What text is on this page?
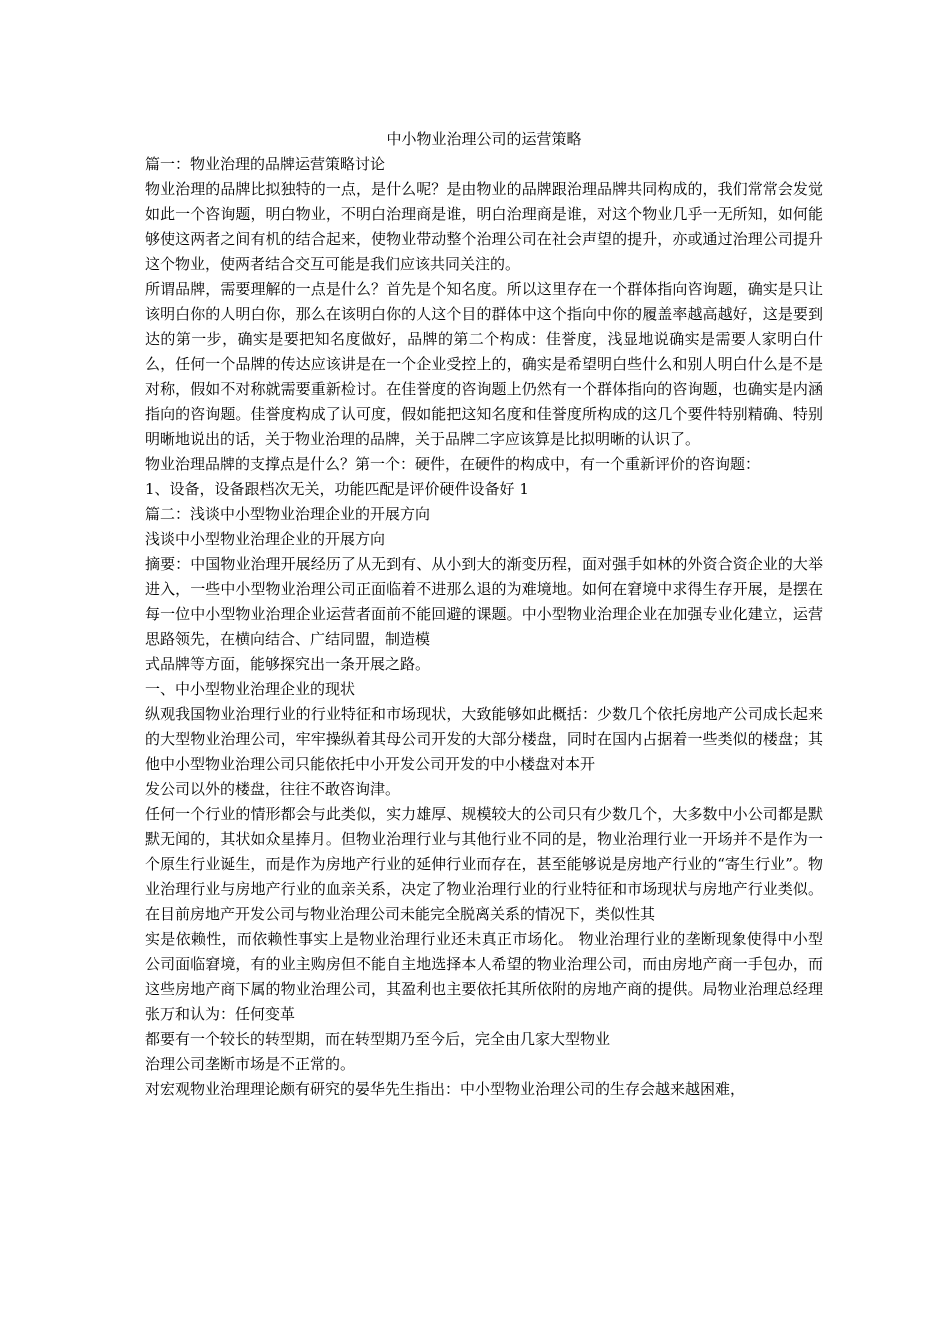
中小物业治理公司的运营策略

篇一：物业治理的品牌运营策略讨论

物业治理的品牌比拟独特的一点，是什么呢？是由物业的品牌跟治理品牌共同构成的，我们常常会发觉如此一个咨询题，明白物业，不明白治理商是谁，明白治理商是谁，对这个物业几乎一无所知，如何能够使这两者之间有机的结合起来，使物业带动整个治理公司在社会声望的提升，亦或通过治理公司提升这个物业，使两者结合交互可能是我们应该共同关注的。

所谓品牌，需要理解的一点是什么？首先是个知名度。所以这里存在一个群体指向咨询题，确实是只让该明白你的人明白你，那么在该明白你的人这个目的群体中这个指向中你的履盖率越高越好，这是要到达的第一步，确实是要把知名度做好，品牌的第二个构成：佳誉度，浅显地说确实是需要人家明白什么，任何一个品牌的传达应该讲是在一个企业受控上的，确实是希望明白些什么和别人明白什么是不是对称，假如不对称就需要重新检讨。在佳誉度的咨询题上仍然有一个群体指向的咨询题，也确实是内涵指向的咨询题。佳誉度构成了认可度，假如能把这知名度和佳誉度所构成的这几个要件特别精确、特别明晰地说出的话，关于物业治理的品牌，关于品牌二字应该算是比拟明晰的认识了。

物业治理品牌的支撑点是什么？第一个：硬件，在硬件的构成中，有一个重新评价的咨询题：

1、设备，设备跟档次无关，功能匹配是评价硬件设备好 1

篇二：浅谈中小型物业治理企业的开展方向

浅谈中小型物业治理企业的开展方向

摘要：中国物业治理开展经历了从无到有、从小到大的渐变历程，面对强手如林的外资合资企业的大举进入，一些中小型物业治理公司正面临着不进那么退的为难境地。如何在窘境中求得生存开展，是摆在每一位中小型物业治理企业运营者面前不能回避的课题。中小型物业治理企业在加强专业化建立，运营思路领先，在横向结合、广结同盟，制造模

式品牌等方面，能够探究出一条开展之路。

一、中小型物业治理企业的现状

纵观我国物业治理行业的行业特征和市场现状，大致能够如此概括：少数几个依托房地产公司成长起来的大型物业治理公司，牢牢操纵着其母公司开发的大部分楼盘，同时在国内占据着一些类似的楼盘；其他中小型物业治理公司只能依托中小开发公司开发的中小楼盘对本开

发公司以外的楼盘，往往不敢咨询津。

任何一个行业的情形都会与此类似，实力雄厚、规模较大的公司只有少数几个，大多数中小公司都是默默无闻的，其状如众星捧月。但物业治理行业与其他行业不同的是，物业治理行业一开场并不是作为一个原生行业诞生，而是作为房地产行业的延伸行业而存在，甚至能够说是房地产行业的“寄生行业”。物业治理行业与房地产行业的血亲关系，决定了物业治理行业的行业特征和市场现状与房地产行业类似。在目前房地产开发公司与物业治理公司未能完全脱离关系的情况下，类似性其

实是依赖性，而依赖性事实上是物业治理行业还未真正市场化。 物业治理行业的垄断现象使得中小型公司面临窘境，有的业主购房但不能自主地选择本人希望的物业治理公司，而由房地产商一手包办，而这些房地产商下属的物业治理公司，其盈利也主要依托其所依附的房地产商的提供。局物业治理总经理张万和认为：任何变革

都要有一个较长的转型期，而在转型期乃至今后，完全由几家大型物业

治理公司垄断市场是不正常的。

对宏观物业治理理论颇有研究的晏华先生指出：中小型物业治理公司的生存会越来越困难，
